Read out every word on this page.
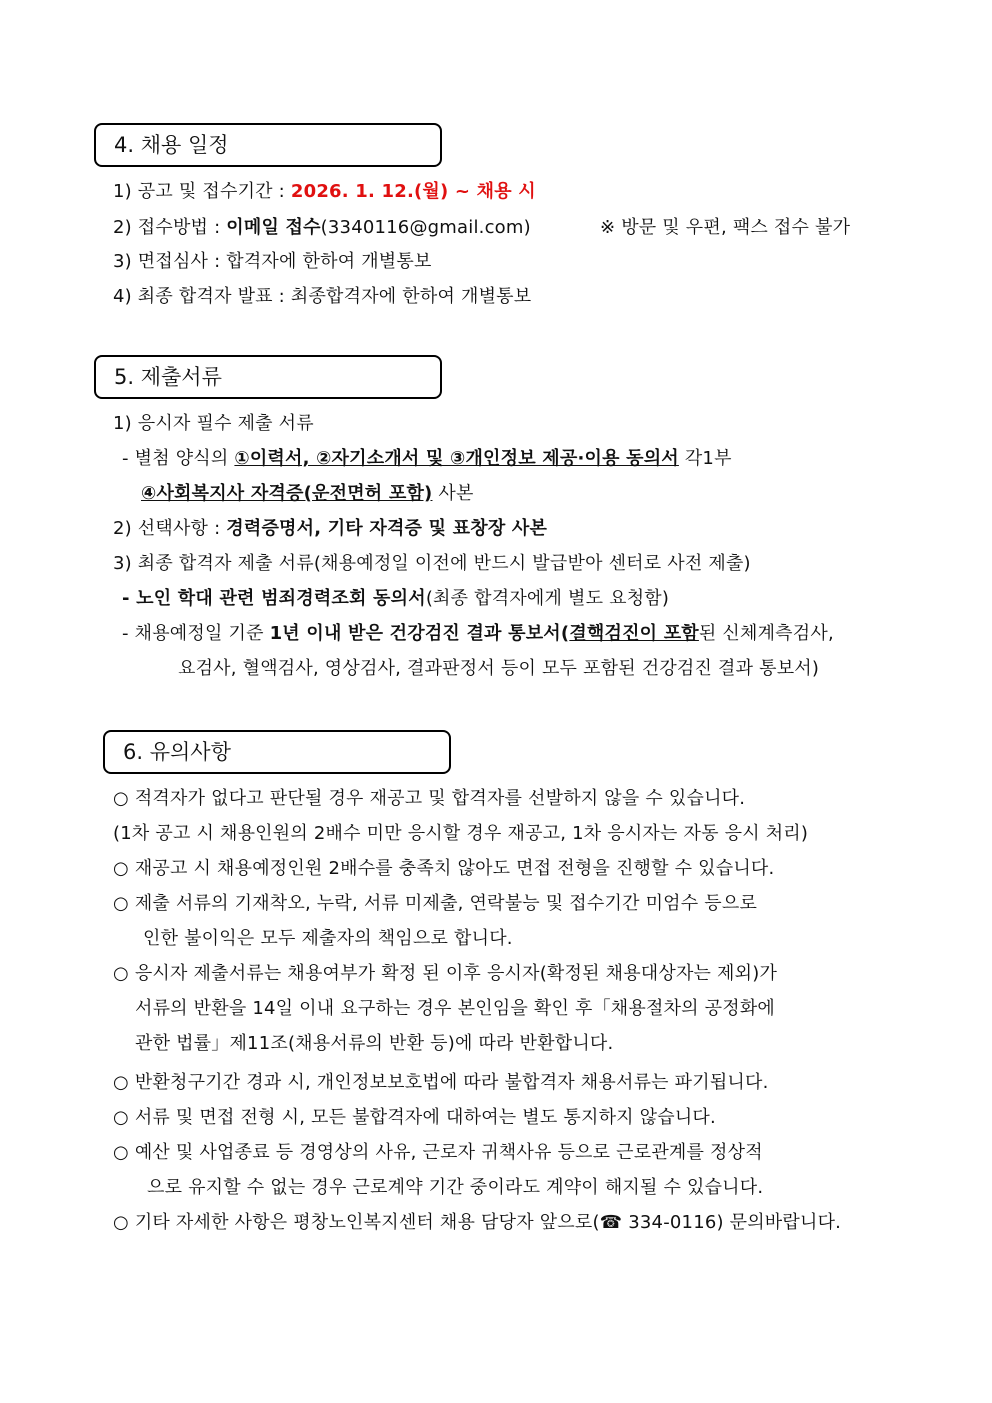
4. 채용 일정
1) 공고 및 접수기간 : 2026. 1. 12.(월) ~ 채용 시
2) 접수방법 : 이메일 접수(3340116@gmail.com)	※ 방문 및 우편, 팩스 접수 불가
3) 면접심사 : 합격자에 한하여 개별통보
4) 최종 합격자 발표 : 최종합격자에 한하여 개별통보
5. 제출서류
1) 응시자 필수 제출 서류
- 별첨 양식의 ①이력서, ②자기소개서 및 ③개인정보 제공·이용 동의서 각1부
④사회복지사 자격증(운전면허 포함) 사본
2) 선택사항 : 경력증명서, 기타 자격증 및 표창장 사본
3) 최종 합격자 제출 서류(채용예정일 이전에 반드시 발급받아 센터로 사전 제출)
- 노인 학대 관련 범죄경력조회 동의서(최종 합격자에게 별도 요청함)
- 채용예정일 기준 1년 이내 받은 건강검진 결과 통보서(결핵검진이 포함된 신체계측검사,
요검사, 혈액검사, 영상검사, 결과판정서 등이 모두 포함된 건강검진 결과 통보서)
6. 유의사항
○ 적격자가 없다고 판단될 경우 재공고 및 합격자를 선발하지 않을 수 있습니다.
(1차 공고 시 채용인원의 2배수 미만 응시할 경우 재공고, 1차 응시자는 자동 응시 처리)
○ 재공고 시 채용예정인원 2배수를 충족치 않아도 면접 전형을 진행할 수 있습니다.
○ 제출 서류의 기재착오, 누락, 서류 미제출, 연락불능 및 접수기간 미엄수 등으로
인한 불이익은 모두 제출자의 책임으로 합니다.
○ 응시자 제출서류는 채용여부가 확정 된 이후 응시자(확정된 채용대상자는 제외)가
서류의 반환을 14일 이내 요구하는 경우 본인임을 확인 후「채용절차의 공정화에
관한 법률」제11조(채용서류의 반환 등)에 따라 반환합니다.
○ 반환청구기간 경과 시, 개인정보보호법에 따라 불합격자 채용서류는 파기됩니다.
○ 서류 및 면접 전형 시, 모든 불합격자에 대하여는 별도 통지하지 않습니다.
○ 예산 및 사업종료 등 경영상의 사유, 근로자 귀책사유 등으로 근로관계를 정상적
으로 유지할 수 없는 경우 근로계약 기간 중이라도 계약이 해지될 수 있습니다.
○ 기타 자세한 사항은 평창노인복지센터 채용 담당자 앞으로(☎ 334-0116) 문의바랍니다.
